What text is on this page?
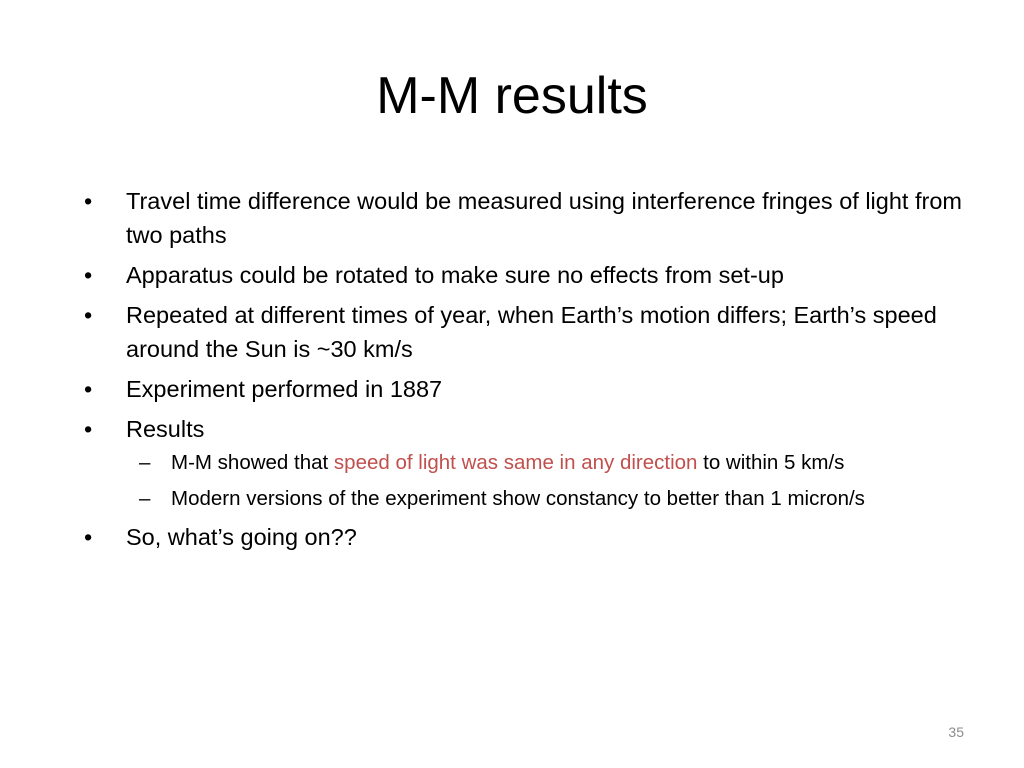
M-M results
•	Travel time difference would be measured using interference fringes of light from two paths
•	Apparatus could be rotated to make sure no effects from set-up
•	Repeated at different times of year, when Earth’s motion differs; Earth’s speed around the Sun is ~30 km/s
•	Experiment performed in 1887
•	Results
– M-M showed that speed of light was same in any direction to within 5 km/s
– Modern versions of the experiment show constancy to better than 1 micron/s
•	So, what’s going on??
35
